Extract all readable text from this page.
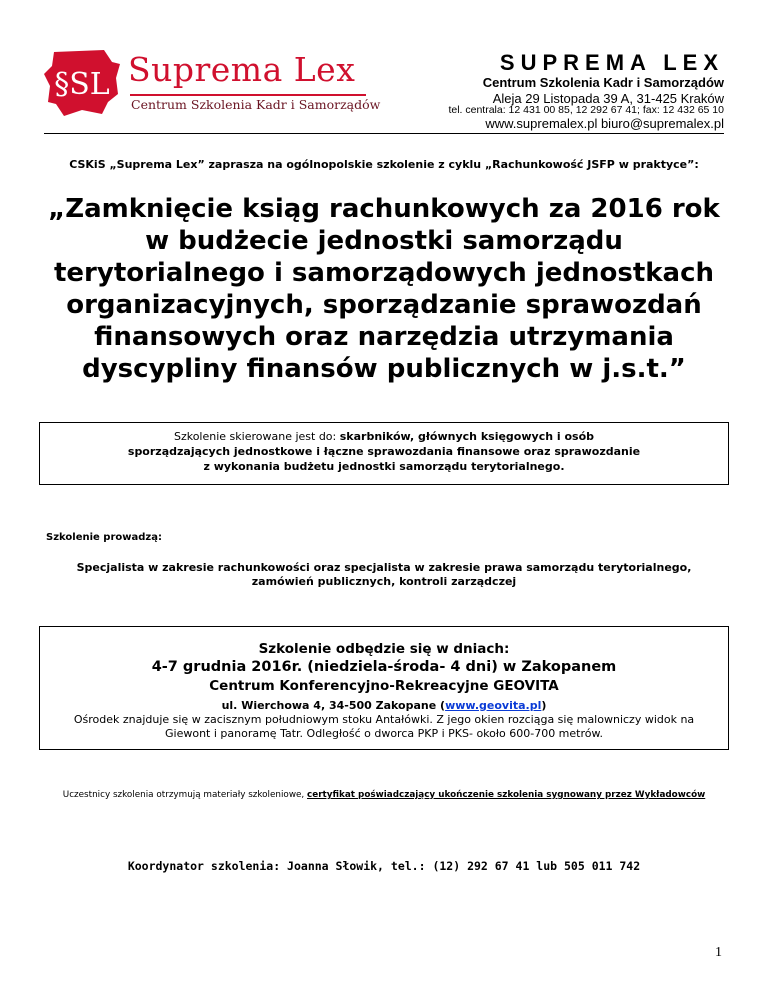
§SL Suprema Lex
Centrum Szkolenia Kadr i Samorządów
SUPREMA LEX
Centrum Szkolenia Kadr i Samorządów
Aleja 29 Listopada 39 A, 31-425 Kraków
tel. centrala: 12 431 00 85, 12 292 67 41; fax: 12 432 65 10
www.supremalex.pl biuro@supremalex.pl
CSKiS „Suprema Lex” zaprasza na ogólnopolskie szkolenie z cyklu „Rachunkowość JSFP w praktyce”:
„Zamknięcie ksiąg rachunkowych za 2016 rok
w budżecie jednostki samorządu
terytorialnego i samorządowych jednostkach
organizacyjnych, sporządzanie sprawozdań
finansowych oraz narzędzia utrzymania
dyscypliny finansów publicznych w j.s.t.”
Szkolenie skierowane jest do: skarbników, głównych księgowych i osób
sporządzających jednostkowe i łączne sprawozdania finansowe oraz sprawozdanie
z wykonania budżetu jednostki samorządu terytorialnego.
Szkolenie prowadzą:
Specjalista w zakresie rachunkowości oraz specjalista w zakresie prawa samorządu terytorialnego,
zamówień publicznych, kontroli zarządczej
Szkolenie odbędzie się w dniach:
4-7 grudnia 2016r. (niedziela-środa- 4 dni) w Zakopanem
Centrum Konferencyjno-Rekreacyjne GEOVITA
ul. Wierchowa 4, 34-500 Zakopane (www.geovita.pl)
Ośrodek znajduje się w zacisznym południowym stoku Antałówki. Z jego okien rozciąga się malowniczy widok na
Giewont i panoramę Tatr. Odległość o dworca PKP i PKS- około 600-700 metrów.
Uczestnicy szkolenia otrzymują materiały szkoleniowe, certyfikat poświadczający ukończenie szkolenia sygnowany przez Wykładowców
Koordynator szkolenia: Joanna Słowik, tel.: (12) 292 67 41 lub 505 011 742
1
